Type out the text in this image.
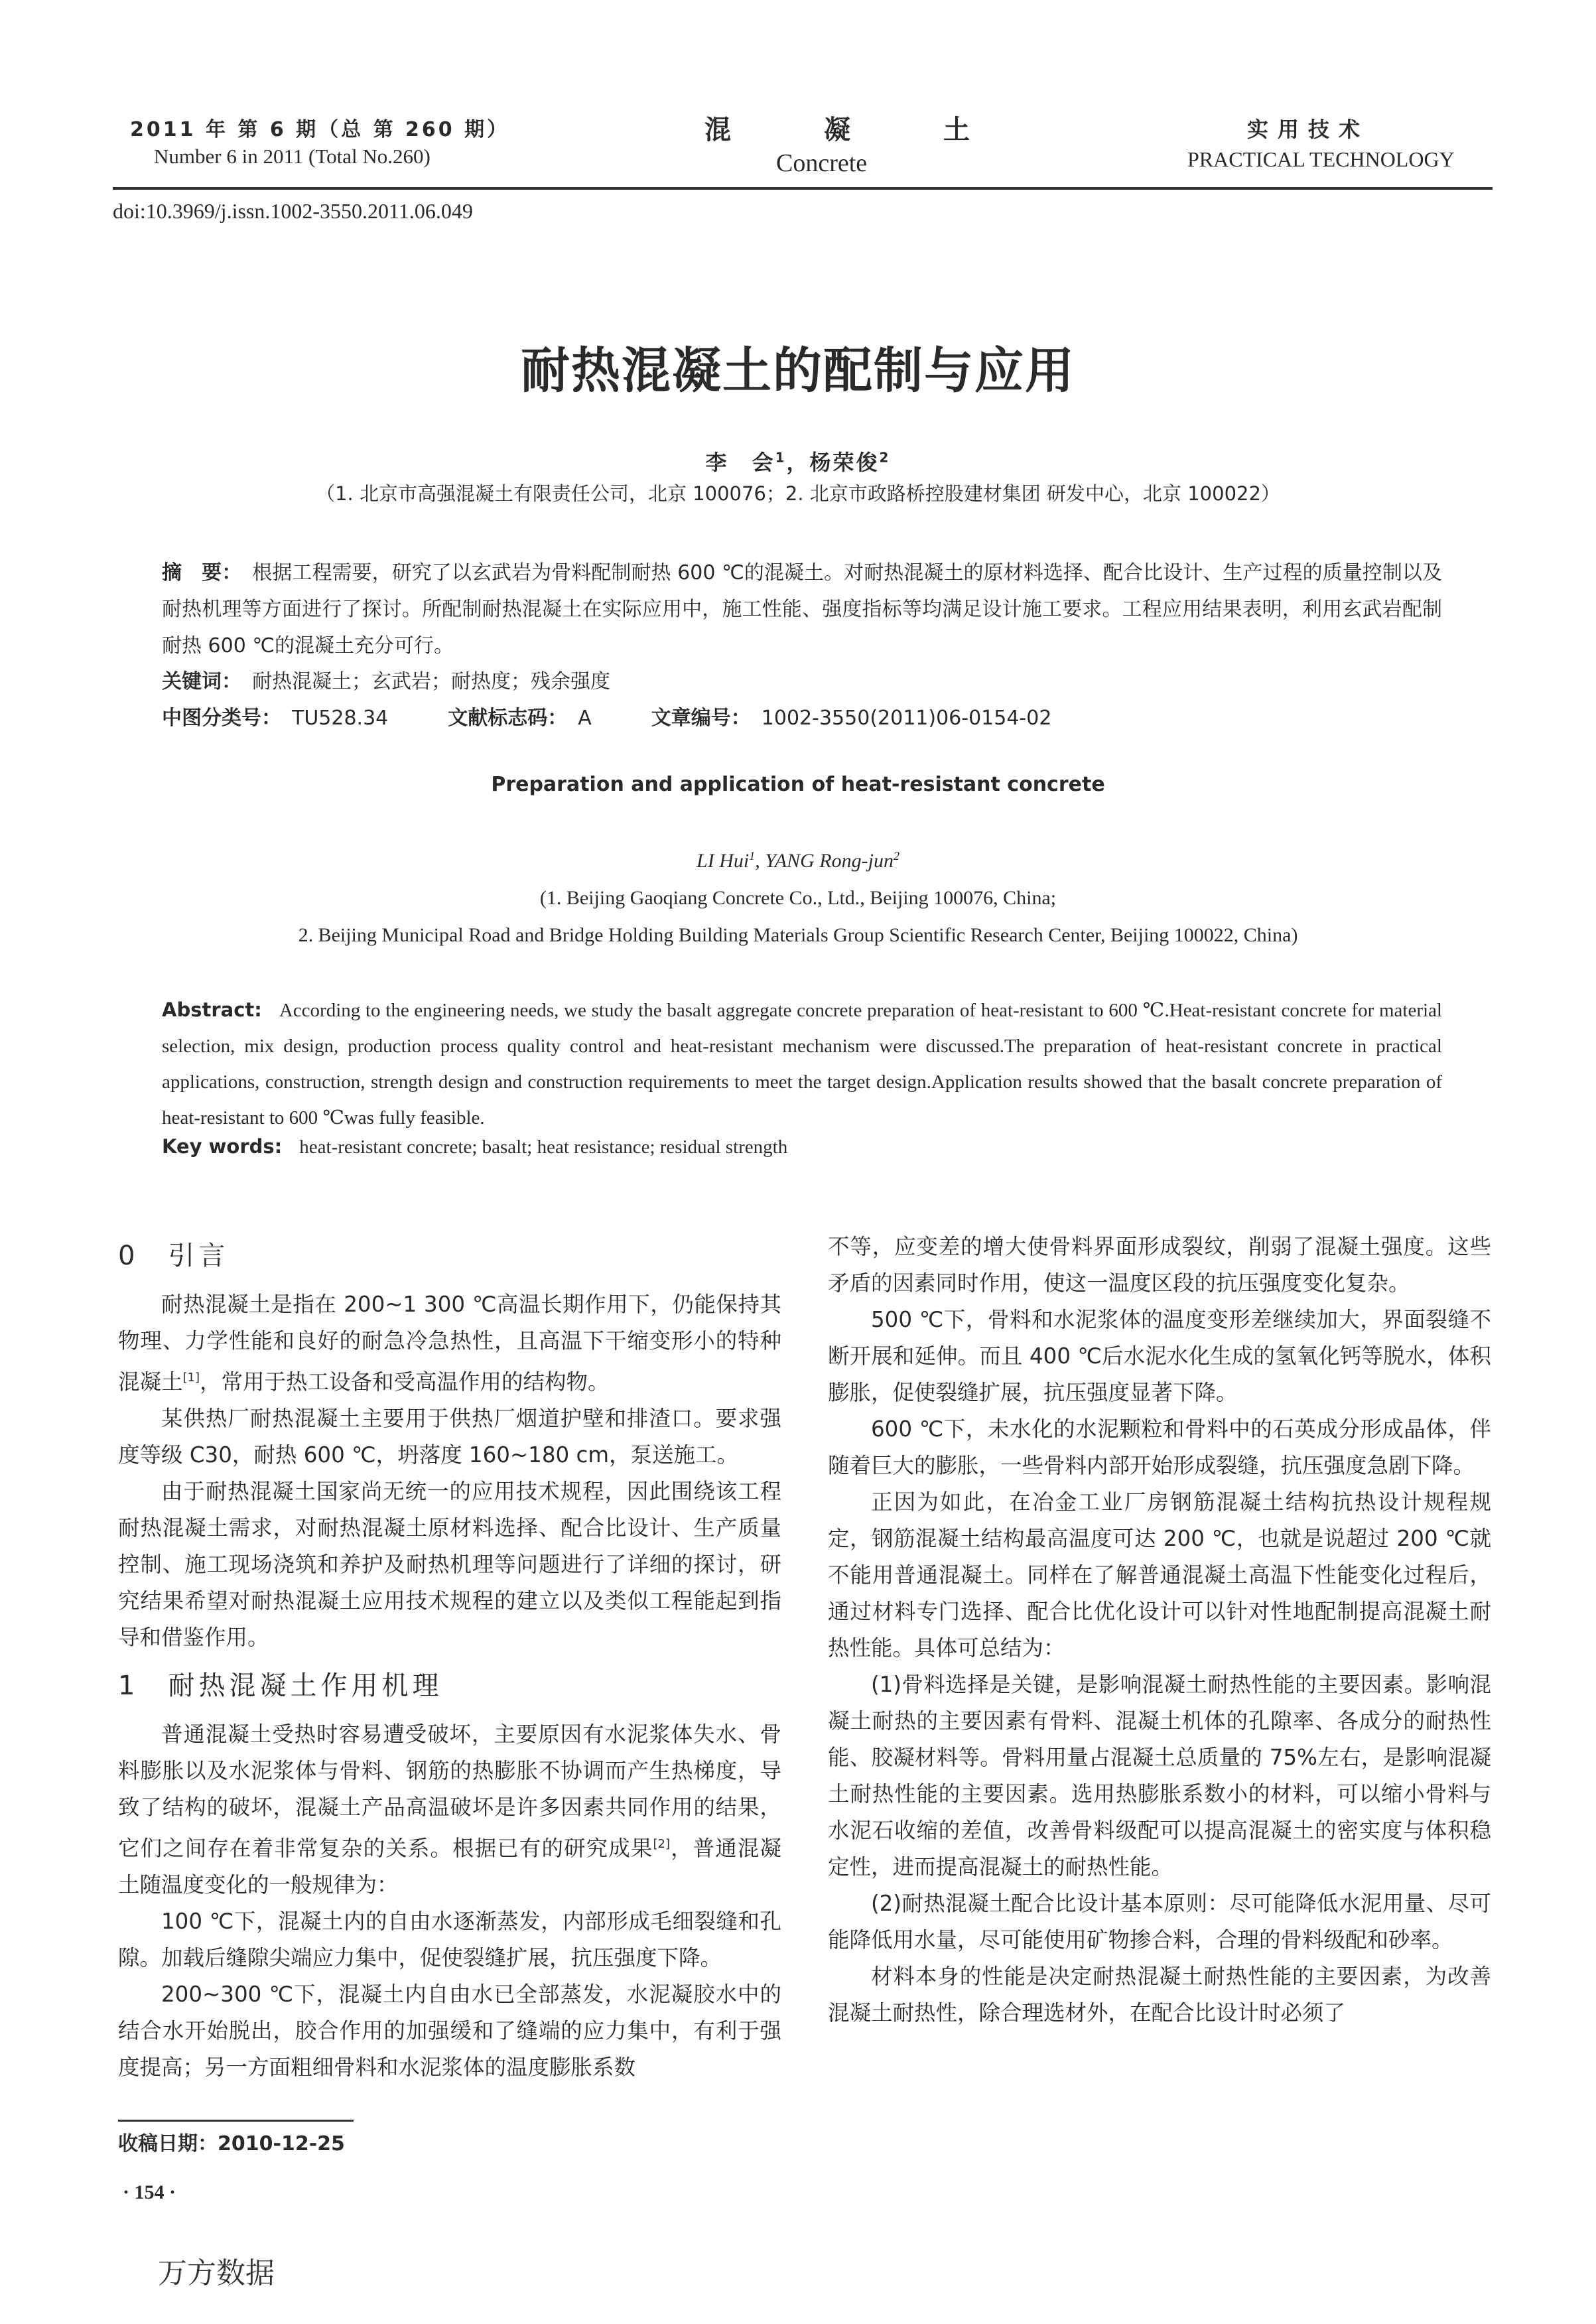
2011 年 第 6 期（总 第 260 期）
Number 6 in 2011 (Total No.260)
混	凝	土
Concrete
实用技术
PRACTICAL TECHNOLOGY
doi:10.3969/j.issn.1002-3550.2011.06.049
耐热混凝土的配制与应用
李　会$^1$，杨荣俊$^2$
（1. 北京市高强混凝土有限责任公司，北京 100076；2. 北京市政路桥控股建材集团 研发中心，北京 100022）
摘　要： 根据工程需要，研究了以玄武岩为骨料配制耐热 600 ℃的混凝土。对耐热混凝土的原材料选择、配合比设计、生产过程的质量控制以及耐热机理等方面进行了探讨。所配制耐热混凝土在实际应用中，施工性能、强度指标等均满足设计施工要求。工程应用结果表明，利用玄武岩配制耐热 600 ℃的混凝土充分可行。
关键词： 耐热混凝土；玄武岩；耐热度；残余强度
中图分类号： TU528.34	文献标志码： A	文章编号： 1002-3550(2011)06-0154-02
Preparation and application of heat-resistant concrete
LI Hui$^1$, YANG Rong-jun$^2$
(1. Beijing Gaoqiang Concrete Co., Ltd., Beijing 100076, China;
2. Beijing Municipal Road and Bridge Holding Building Materials Group Scientific Research Center, Beijing 100022, China)
Abstract: According to the engineering needs, we study the basalt aggregate concrete preparation of heat-resistant to 600 ℃.Heat-resistant concrete for material selection, mix design, production process quality control and heat-resistant mechanism were discussed.The preparation of heat-resistant concrete in practical applications, construction, strength design and construction requirements to meet the target design.Application results showed that the basalt concrete preparation of heat-resistant to 600 ℃was fully feasible.
Key words: heat-resistant concrete; basalt; heat resistance; residual strength
0 引言

耐热混凝土是指在 200~1 300 ℃高温长期作用下，仍能保持其物理、力学性能和良好的耐急冷急热性，且高温下干缩变形小的特种混凝土[1]，常用于热工设备和受高温作用的结构物。

某供热厂耐热混凝土主要用于供热厂烟道护壁和排渣口。要求强度等级 C30，耐热 600 ℃，坍落度 160~180 cm，泵送施工。

由于耐热混凝土国家尚无统一的应用技术规程，因此围绕该工程耐热混凝土需求，对耐热混凝土原材料选择、配合比设计、生产质量控制、施工现场浇筑和养护及耐热机理等问题进行了详细的探讨，研究结果希望对耐热混凝土应用技术规程的建立以及类似工程能起到指导和借鉴作用。

1 耐热混凝土作用机理

普通混凝土受热时容易遭受破坏，主要原因有水泥浆体失水、骨料膨胀以及水泥浆体与骨料、钢筋的热膨胀不协调而产生热梯度，导致了结构的破坏，混凝土产品高温破坏是许多因素共同作用的结果，它们之间存在着非常复杂的关系。根据已有的研究成果[2]，普通混凝土随温度变化的一般规律为：

100 ℃下，混凝土内的自由水逐渐蒸发，内部形成毛细裂缝和孔隙。加载后缝隙尖端应力集中，促使裂缝扩展，抗压强度下降。

200~300 ℃下，混凝土内自由水已全部蒸发，水泥凝胶水中的结合水开始脱出，胶合作用的加强缓和了缝端的应力集中，有利于强度提高；另一方面粗细骨料和水泥浆体的温度膨胀系数

不等，应变差的增大使骨料界面形成裂纹，削弱了混凝土强度。这些矛盾的因素同时作用，使这一温度区段的抗压强度变化复杂。

500 ℃下，骨料和水泥浆体的温度变形差继续加大，界面裂缝不断开展和延伸。而且 400 ℃后水泥水化生成的氢氧化钙等脱水，体积膨胀，促使裂缝扩展，抗压强度显著下降。

600 ℃下，未水化的水泥颗粒和骨料中的石英成分形成晶体，伴随着巨大的膨胀，一些骨料内部开始形成裂缝，抗压强度急剧下降。

正因为如此，在冶金工业厂房钢筋混凝土结构抗热设计规程规定，钢筋混凝土结构最高温度可达 200 ℃，也就是说超过 200 ℃就不能用普通混凝土。同样在了解普通混凝土高温下性能变化过程后，通过材料专门选择、配合比优化设计可以针对性地配制提高混凝土耐热性能。具体可总结为：

(1)骨料选择是关键，是影响混凝土耐热性能的主要因素。影响混凝土耐热的主要因素有骨料、混凝土机体的孔隙率、各成分的耐热性能、胶凝材料等。骨料用量占混凝土总质量的 75%左右，是影响混凝土耐热性能的主要因素。选用热膨胀系数小的材料，可以缩小骨料与水泥石收缩的差值，改善骨料级配可以提高混凝土的密实度与体积稳定性，进而提高混凝土的耐热性能。

(2)耐热混凝土配合比设计基本原则：尽可能降低水泥用量、尽可能降低用水量，尽可能使用矿物掺合料，合理的骨料级配和砂率。

材料本身的性能是决定耐热混凝土耐热性能的主要因素，为改善混凝土耐热性，除合理选材外，在配合比设计时必须了

收稿日期：2010-12-25
· 154 ·
万方数据
